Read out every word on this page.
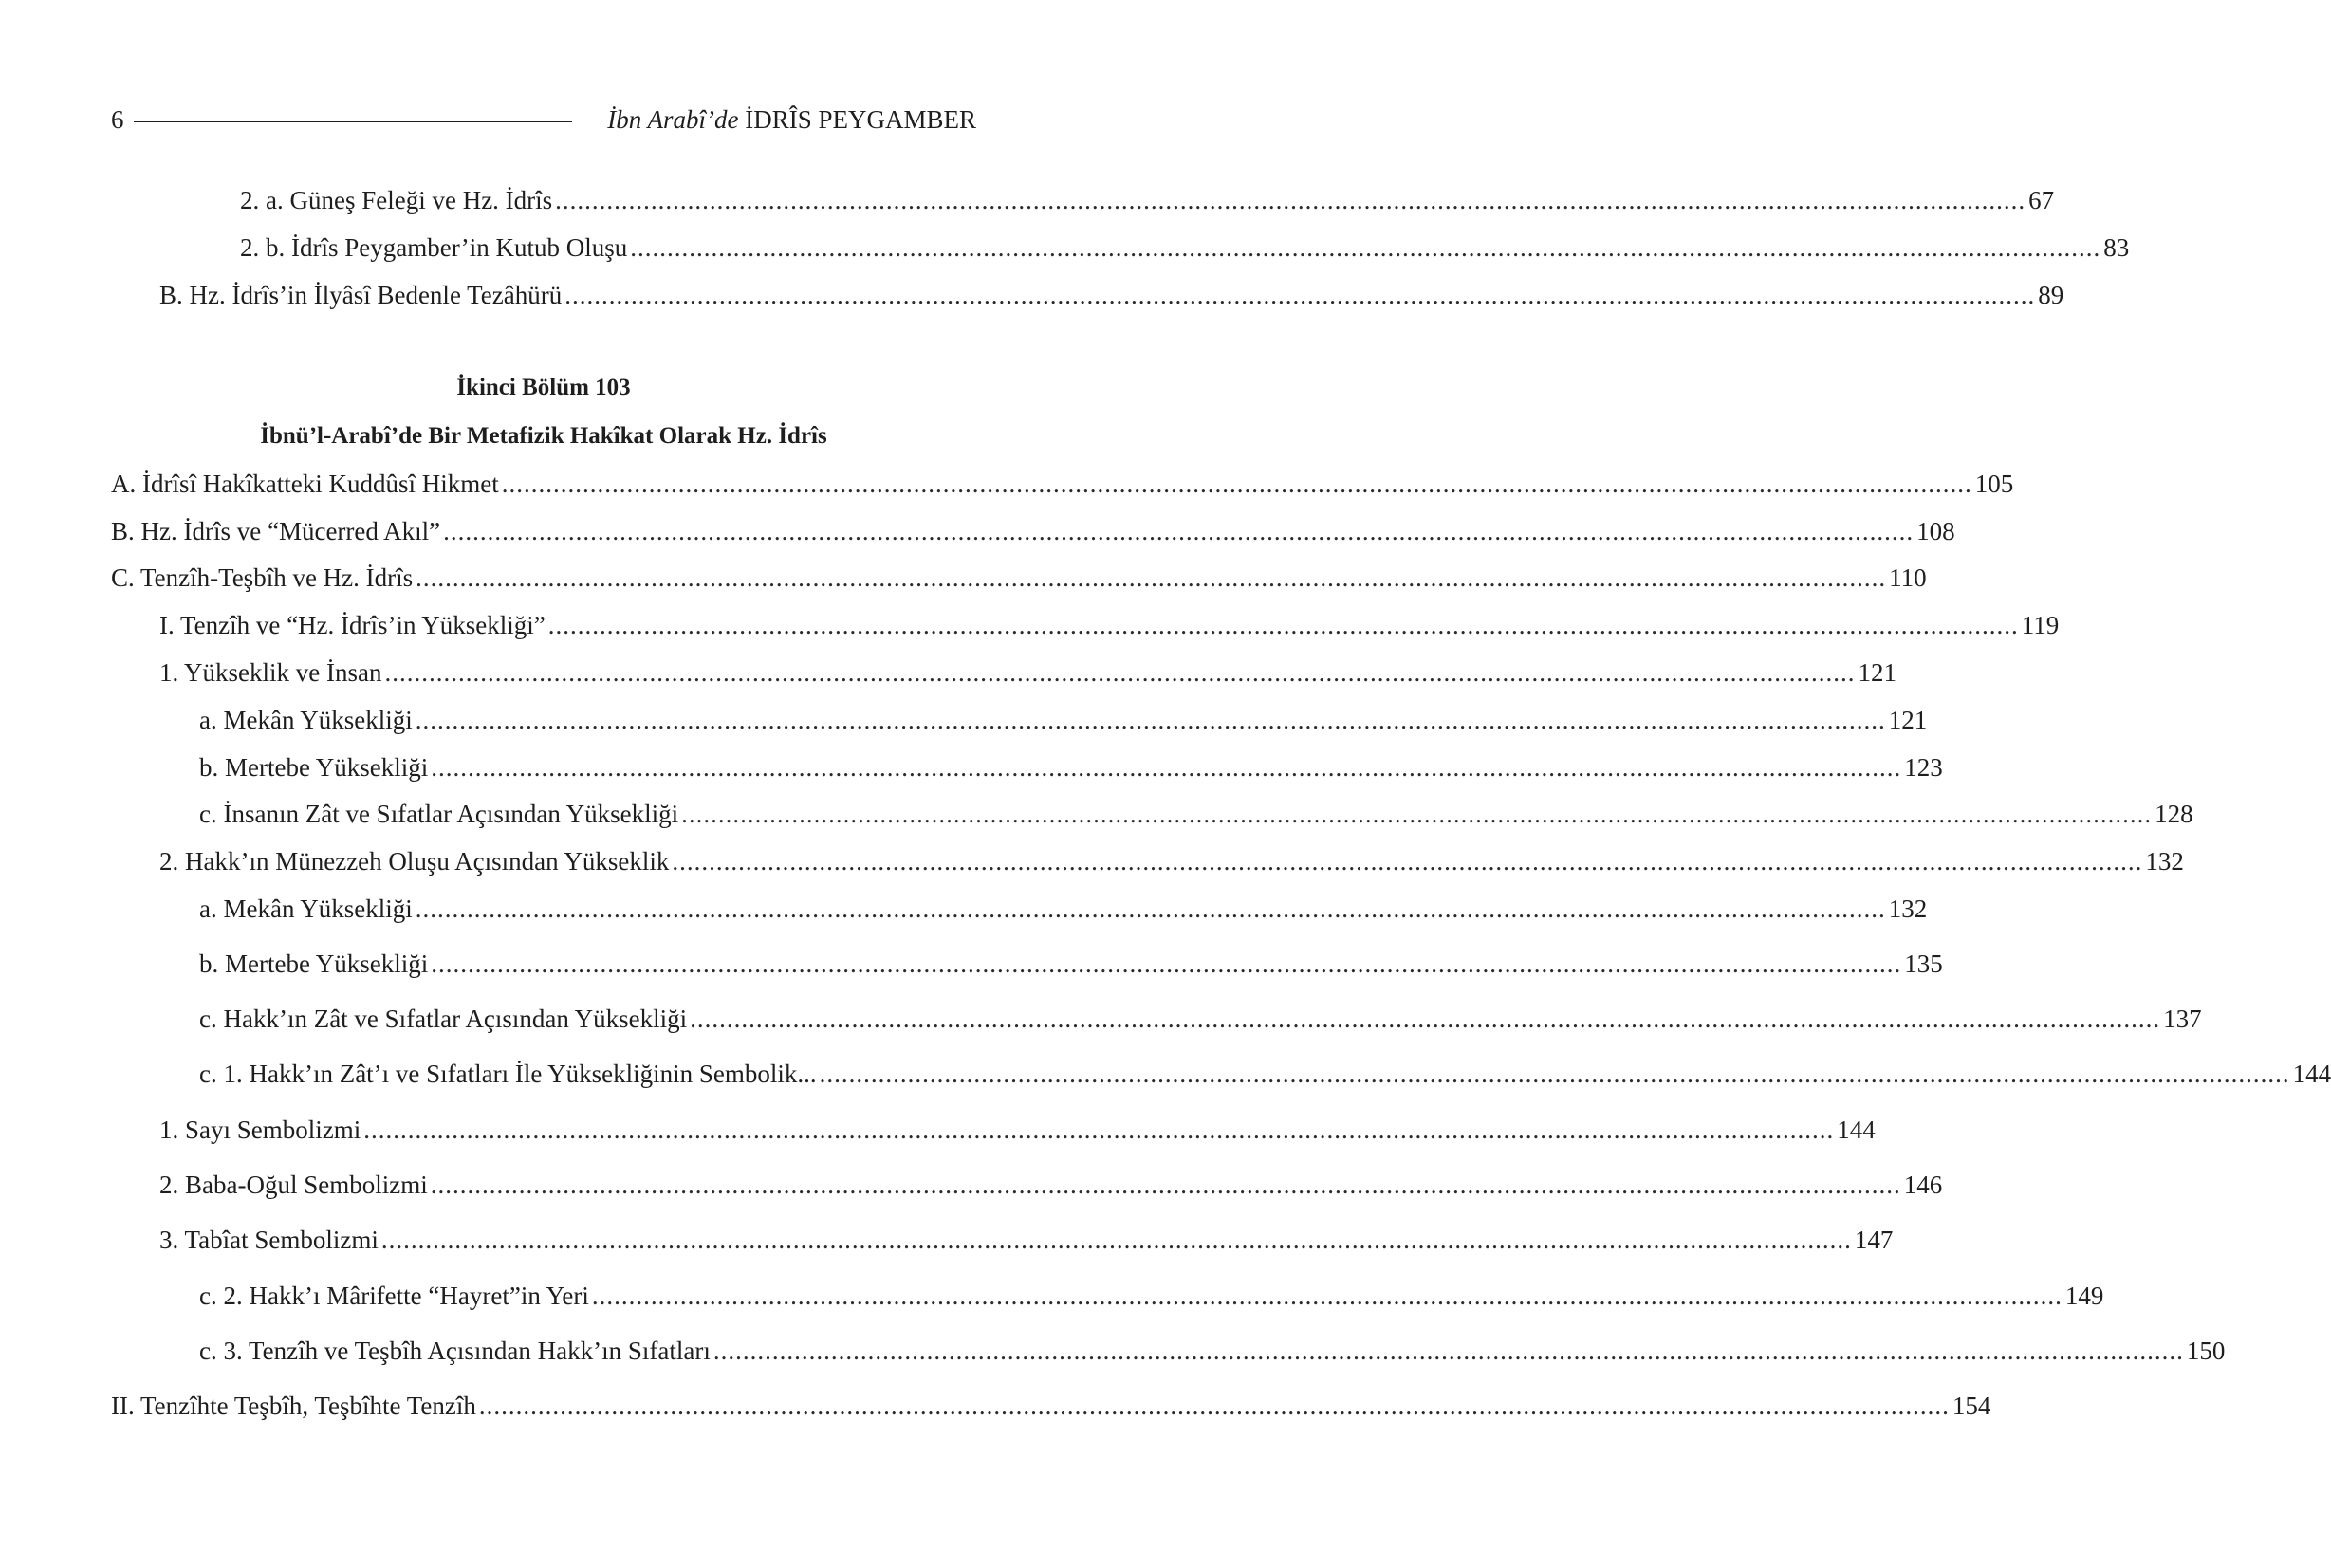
6	İbn Arabî’de İDRÎS PEYGAMBER
2. a. Güneş Feleği ve Hz. İdrîs ........................................................................................................................................................................................................ 67
2. b. İdrîs Peygamber’in Kutub Oluşu ........................................................................................................................................................................................................ 83
B. Hz. İdrîs’in İlyâsî Bedenle Tezâhürü ........................................................................................................................................................................................................ 89
İkinci Bölüm 103
İbnü’l-Arabî’de Bir Metafizik Hakîkat Olarak Hz. İdrîs
A. İdrîsî Hakîkatteki Kuddûsî Hikmet ........................................................................................................................................................................................................ 105
B. Hz. İdrîs ve “Mücerred Akıl” ........................................................................................................................................................................................................ 108
C. Tenzîh-Teşbîh ve Hz. İdrîs ........................................................................................................................................................................................................ 110
I. Tenzîh ve “Hz. İdrîs’in Yüksekliği” ........................................................................................................................................................................................................ 119
1. Yükseklik ve İnsan ........................................................................................................................................................................................................ 121
a. Mekân Yüksekliği ........................................................................................................................................................................................................ 121
b. Mertebe Yüksekliği ........................................................................................................................................................................................................ 123
c. İnsanın Zât ve Sıfatlar Açısından Yüksekliği ........................................................................................................................................................................................................ 128
2. Hakk’ın Münezzeh Oluşu Açısından Yükseklik ........................................................................................................................................................................................................ 132
a. Mekân Yüksekliği ........................................................................................................................................................................................................ 132
b. Mertebe Yüksekliği ........................................................................................................................................................................................................ 135
c. Hakk’ın Zât ve Sıfatlar Açısından Yüksekliği ........................................................................................................................................................................................................ 137
c. 1. Hakk’ın Zât’ı ve Sıfatları İle Yüksekliğinin Sembolik... ........................................................................................................................................................................................................ 144
1. Sayı Sembolizmi ........................................................................................................................................................................................................ 144
2. Baba-Oğul Sembolizmi ........................................................................................................................................................................................................ 146
3. Tabîat Sembolizmi ........................................................................................................................................................................................................ 147
c. 2. Hakk’ı Mârifette “Hayret”in Yeri ........................................................................................................................................................................................................ 149
c. 3. Tenzîh ve Teşbîh Açısından Hakk’ın Sıfatları ........................................................................................................................................................................................................ 150
II. Tenzîhte Teşbîh, Teşbîhte Tenzîh ........................................................................................................................................................................................................ 154
